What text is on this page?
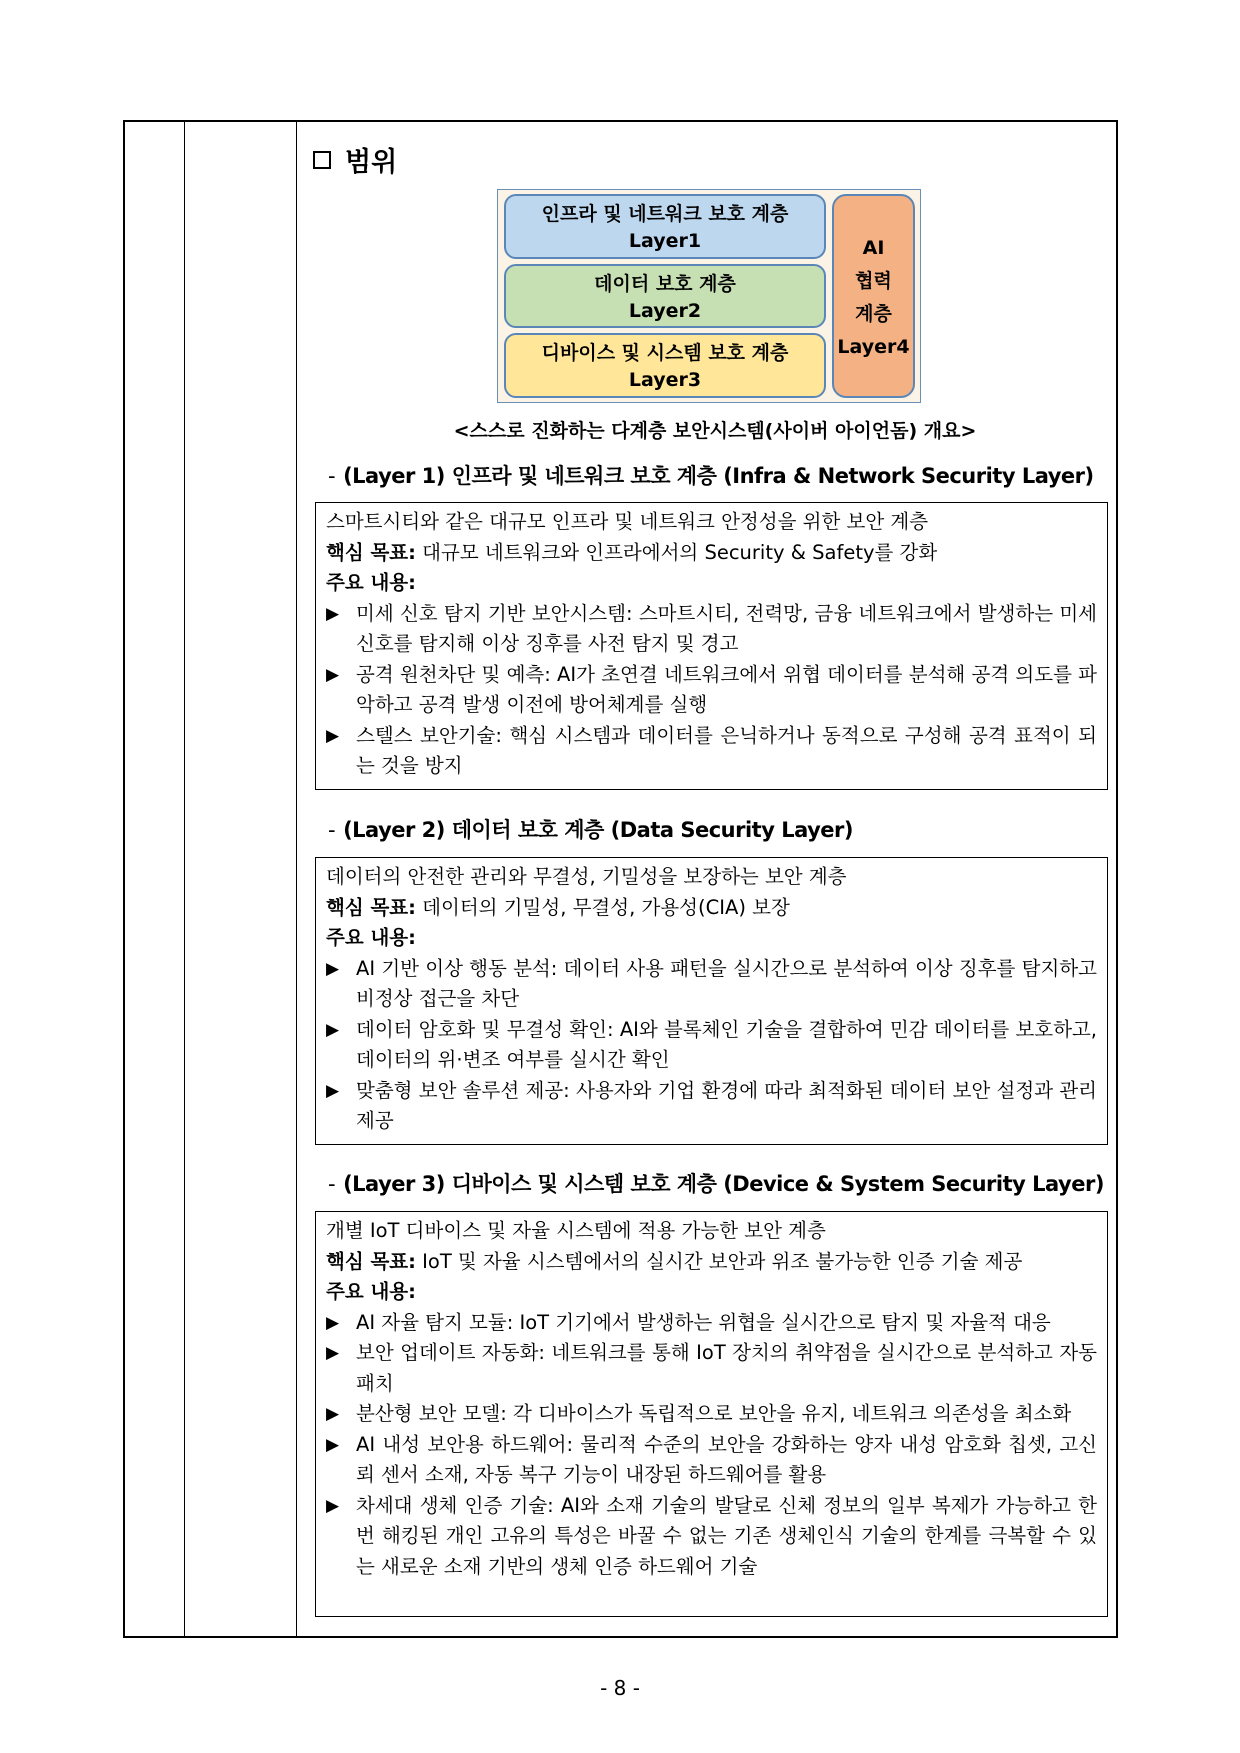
범위
인프라 및 네트워크 보호 계층
Layer1
데이터 보호 계층
Layer2
디바이스 및 시스템 보호 계층
Layer3
AI
협력
계층
Layer4
<스스로 진화하는 다계층 보안시스템(사이버 아이언돔) 개요>
- (Layer 1) 인프라 및 네트워크 보호 계층 (Infra & Network Security Layer)
스마트시티와 같은 대규모 인프라 및 네트워크 안정성을 위한 보안 계층
핵심 목표: 대규모 네트워크와 인프라에서의 Security & Safety를 강화
주요 내용:
▶ 미세 신호 탐지 기반 보안시스템: 스마트시티, 전력망, 금융 네트워크에서 발생하는 미세 신호를 탐지해 이상 징후를 사전 탐지 및 경고
▶ 공격 원천차단 및 예측: AI가 초연결 네트워크에서 위협 데이터를 분석해 공격 의도를 파악하고 공격 발생 이전에 방어체계를 실행
▶ 스텔스 보안기술: 핵심 시스템과 데이터를 은닉하거나 동적으로 구성해 공격 표적이 되는 것을 방지
- (Layer 2) 데이터 보호 계층 (Data Security Layer)
데이터의 안전한 관리와 무결성, 기밀성을 보장하는 보안 계층
핵심 목표: 데이터의 기밀성, 무결성, 가용성(CIA) 보장
주요 내용:
▶ AI 기반 이상 행동 분석: 데이터 사용 패턴을 실시간으로 분석하여 이상 징후를 탐지하고 비정상 접근을 차단
▶ 데이터 암호화 및 무결성 확인: AI와 블록체인 기술을 결합하여 민감 데이터를 보호하고, 데이터의 위·변조 여부를 실시간 확인
▶ 맞춤형 보안 솔루션 제공: 사용자와 기업 환경에 따라 최적화된 데이터 보안 설정과 관리 제공
- (Layer 3) 디바이스 및 시스템 보호 계층 (Device & System Security Layer)
개별 IoT 디바이스 및 자율 시스템에 적용 가능한 보안 계층
핵심 목표: IoT 및 자율 시스템에서의 실시간 보안과 위조 불가능한 인증 기술 제공
주요 내용:
▶ AI 자율 탐지 모듈: IoT 기기에서 발생하는 위협을 실시간으로 탐지 및 자율적 대응
▶ 보안 업데이트 자동화: 네트워크를 통해 IoT 장치의 취약점을 실시간으로 분석하고 자동 패치
▶ 분산형 보안 모델: 각 디바이스가 독립적으로 보안을 유지, 네트워크 의존성을 최소화
▶ AI 내성 보안용 하드웨어: 물리적 수준의 보안을 강화하는 양자 내성 암호화 칩셋, 고신뢰 센서 소재, 자동 복구 기능이 내장된 하드웨어를 활용
▶ 차세대 생체 인증 기술: AI와 소재 기술의 발달로 신체 정보의 일부 복제가 가능하고 한 번 해킹된 개인 고유의 특성은 바꿀 수 없는 기존 생체인식 기술의 한계를 극복할 수 있는 새로운 소재 기반의 생체 인증 하드웨어 기술
- 8 -
